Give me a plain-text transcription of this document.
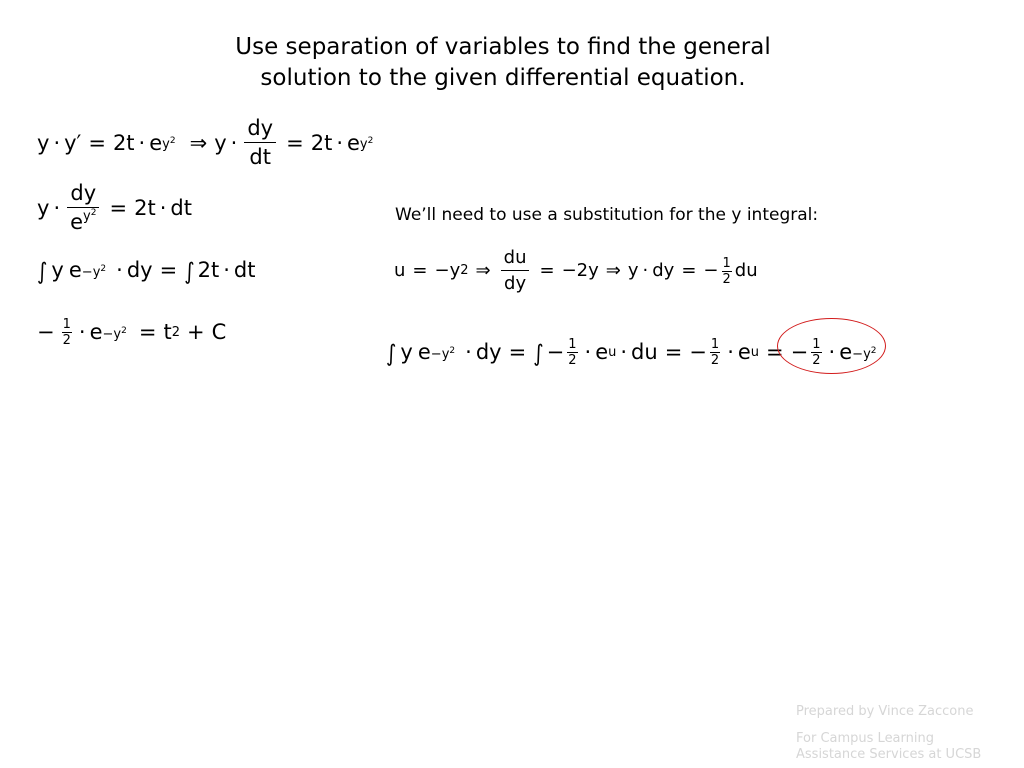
Use separation of variables to find the general
solution to the given differential equation.
y · y′ = 2t · e $y^2$ ⇒ $y \cdot \frac{dy}{dt} = 2t \cdot e$ $y^2$
$y \cdot \frac{dy}{e^{y^2}} = 2t$ · dt
∫ y $e -y^2$ · dy = ∫ 2t · dt
− $\frac{1}{2} \cdot e -y^2 = t$ 2 + C
We’ll need to use a substitution for the y integral:
u = − y 2 ⇒ $\frac{du}{dy} = -2y$ ⇒ y · dy = − $\frac{1}{2}$ du
∫ y $e -y^2$ · dy = ∫ − $\frac{1}{2} \cdot e$ u · du = − $\frac{1}{2} \cdot e$ u = − $\frac{1}{2} \cdot e -y^2$
Prepared by Vince Zaccone
For Campus Learning
Assistance Services at UCSB
